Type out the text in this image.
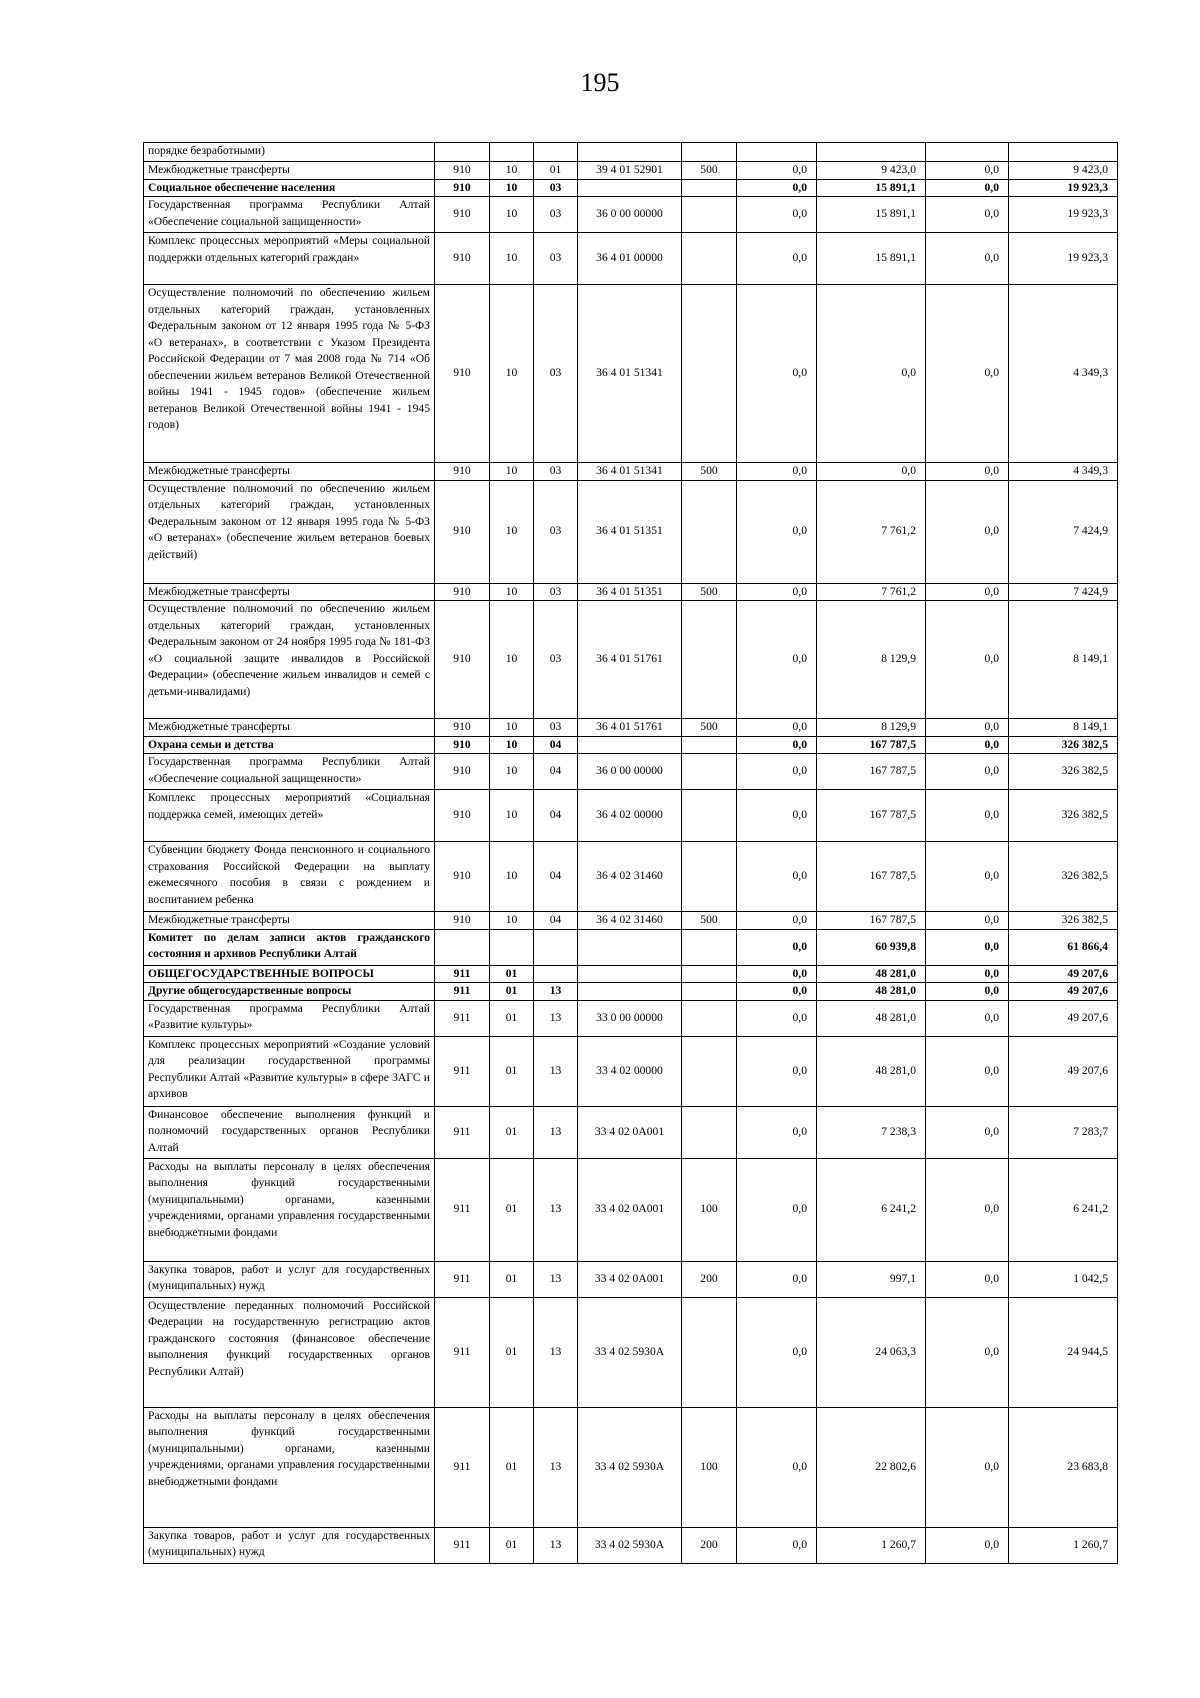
195
порядке безработными)									
Межбюджетные трансферты	910	10	01	39 4 01 52901	500	0,0	9 423,0	0,0	9 423,0
Социальное обеспечение населения	910	10	03			0,0	15 891,1	0,0	19 923,3
Государственная программа Республики Алтай «Обеспечение социальной защищенности»	910	10	03	36 0 00 00000		0,0	15 891,1	0,0	19 923,3
Комплекс процессных мероприятий «Меры социальной поддержки отдельных категорий граждан»	910	10	03	36 4 01 00000		0,0	15 891,1	0,0	19 923,3
Осуществление полномочий по обеспечению жильем отдельных категорий граждан, установленных Федеральным законом от 12 января 1995 года № 5-ФЗ «О ветеранах», в соответствии с Указом Президента Российской Федерации от 7 мая 2008 года № 714 «Об обеспечении жильем ветеранов Великой Отечественной войны 1941 - 1945 годов» (обеспечение жильем ветеранов Великой Отечественной войны 1941 - 1945 годов)	910	10	03	36 4 01 51341		0,0	0,0	0,0	4 349,3
Межбюджетные трансферты	910	10	03	36 4 01 51341	500	0,0	0,0	0,0	4 349,3
Осуществление полномочий по обеспечению жильем отдельных категорий граждан, установленных Федеральным законом от 12 января 1995 года № 5-ФЗ «О ветеранах» (обеспечение жильем ветеранов боевых действий)	910	10	03	36 4 01 51351		0,0	7 761,2	0,0	7 424,9
Межбюджетные трансферты	910	10	03	36 4 01 51351	500	0,0	7 761,2	0,0	7 424,9
Осуществление полномочий по обеспечению жильем отдельных категорий граждан, установленных Федеральным законом от 24 ноября 1995 года № 181-ФЗ «О социальной защите инвалидов в Российской Федерации» (обеспечение жильем инвалидов и семей с детьми-инвалидами)	910	10	03	36 4 01 51761		0,0	8 129,9	0,0	8 149,1
Межбюджетные трансферты	910	10	03	36 4 01 51761	500	0,0	8 129,9	0,0	8 149,1
Охрана семьи и детства	910	10	04			0,0	167 787,5	0,0	326 382,5
Государственная программа Республики Алтай «Обеспечение социальной защищенности»	910	10	04	36 0 00 00000		0,0	167 787,5	0,0	326 382,5
Комплекс процессных мероприятий «Социальная поддержка семей, имеющих детей»	910	10	04	36 4 02 00000		0,0	167 787,5	0,0	326 382,5
Субвенции бюджету Фонда пенсионного и социального страхования Российской Федерации на выплату ежемесячного пособия в связи с рождением и воспитанием ребенка	910	10	04	36 4 02 31460		0,0	167 787,5	0,0	326 382,5
Межбюджетные трансферты	910	10	04	36 4 02 31460	500	0,0	167 787,5	0,0	326 382,5
Комитет по делам записи актов гражданского состояния и архивов Республики Алтай						0,0	60 939,8	0,0	61 866,4
ОБЩЕГОСУДАРСТВЕННЫЕ ВОПРОСЫ	911	01				0,0	48 281,0	0,0	49 207,6
Другие общегосударственные вопросы	911	01	13			0,0	48 281,0	0,0	49 207,6
Государственная программа Республики Алтай «Развитие культуры»	911	01	13	33 0 00 00000		0,0	48 281,0	0,0	49 207,6
Комплекс процессных мероприятий «Создание условий для реализации государственной программы Республики Алтай «Развитие культуры» в сфере ЗАГС и архивов	911	01	13	33 4 02 00000		0,0	48 281,0	0,0	49 207,6
Финансовое обеспечение выполнения функций и полномочий государственных органов Республики Алтай	911	01	13	33 4 02 0А001		0,0	7 238,3	0,0	7 283,7
Расходы на выплаты персоналу в целях обеспечения выполнения функций государственными (муниципальными) органами, казенными учреждениями, органами управления государственными внебюджетными фондами	911	01	13	33 4 02 0А001	100	0,0	6 241,2	0,0	6 241,2
Закупка товаров, работ и услуг для государственных (муниципальных) нужд	911	01	13	33 4 02 0А001	200	0,0	997,1	0,0	1 042,5
Осуществление переданных полномочий Российской Федерации на государственную регистрацию актов гражданского состояния (финансовое обеспечение выполнения функций государственных органов Республики Алтай)	911	01	13	33 4 02 5930А		0,0	24 063,3	0,0	24 944,5
Расходы на выплаты персоналу в целях обеспечения выполнения функций государственными (муниципальными) органами, казенными учреждениями, органами управления государственными внебюджетными фондами	911	01	13	33 4 02 5930А	100	0,0	22 802,6	0,0	23 683,8
Закупка товаров, работ и услуг для государственных (муниципальных) нужд	911	01	13	33 4 02 5930А	200	0,0	1 260,7	0,0	1 260,7
